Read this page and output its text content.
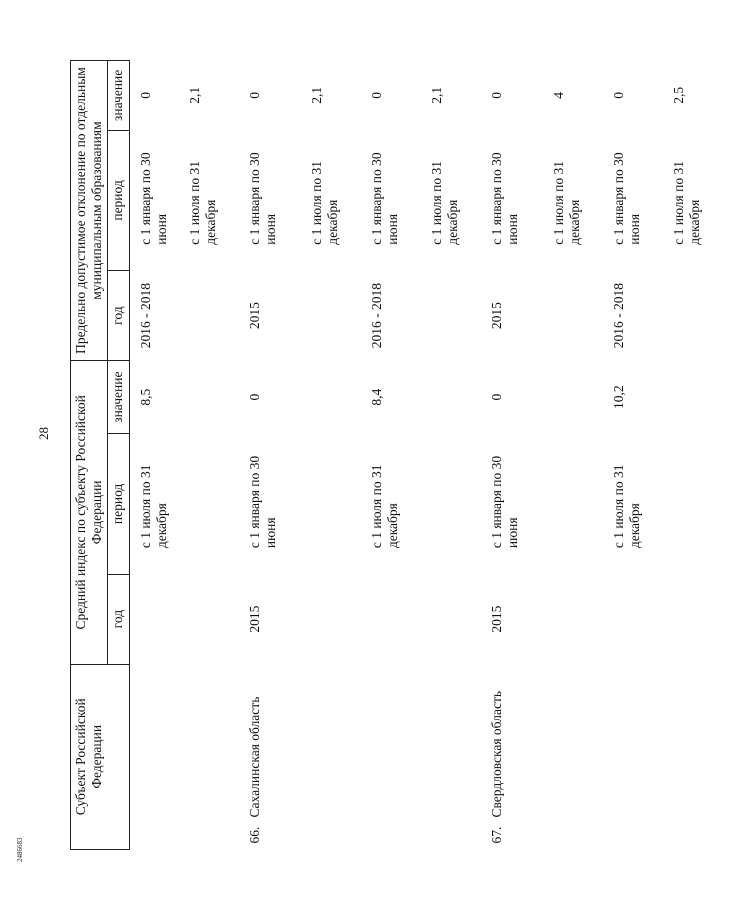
28
2486683
Субъект Российской Федерации	Средний индекс по субъекту Российской Федерации			Предельно допустимое отклонение по отдельным муниципальным образованиям		
	год	период	значение	год	период	значение

		с 1 июля по 31 декабря	8,5	2016 - 2018	с 1 января по 30 июня	0

					с 1 июля по 31 декабря	2,1
66.Сахалинская область	2015	с 1 января по 30 июня	0	2015	с 1 января по 30 июня	0

					с 1 июля по 31 декабря	2,1

		с 1 июля по 31 декабря	8,4	2016 - 2018	с 1 января по 30 июня	0

					с 1 июля по 31 декабря	2,1
67.Свердловская область	2015	с 1 января по 30 июня	0	2015	с 1 января по 30 июня	0

					с 1 июля по 31 декабря	4

		с 1 июля по 31 декабря	10,2	2016 - 2018	с 1 января по 30 июня	0

					с 1 июля по 31 декабря	2,5
